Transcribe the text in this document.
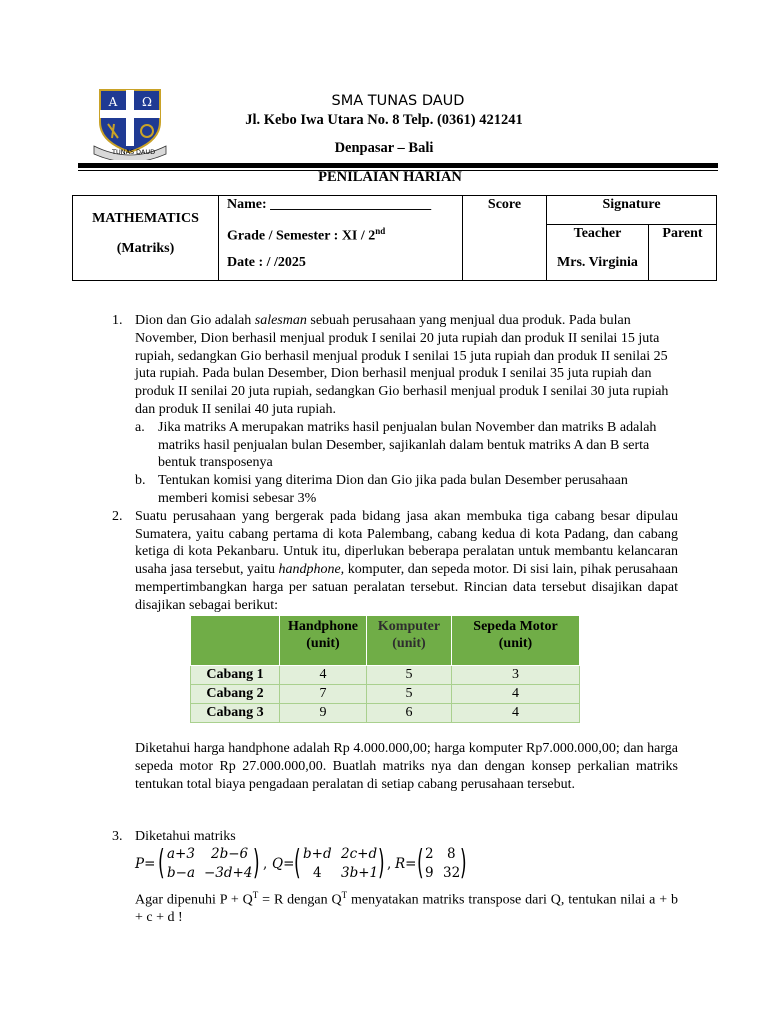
A Ω
TUNAS DAUD
SMA TUNAS DAUD
Jl. Kebo Iwa Utara No. 8 Telp. (0361) 421241
Denpasar – Bali
PENILAIAN HARIAN
MATHEMATICS
(Matriks)
Name: _______________________
Grade / Semester : XI / 2nd
Date : / /2025
Score	Signature
Teacher	Parent
Mrs. Virginia
1. Dion dan Gio adalah salesman sebuah perusahaan yang menjual dua produk. Pada bulan November, Dion berhasil menjual produk I senilai 20 juta rupiah dan produk II senilai 15 juta rupiah, sedangkan Gio berhasil menjual produk I senilai 15 juta rupiah dan produk II senilai 25 juta rupiah. Pada bulan Desember, Dion berhasil menjual produk I senilai 35 juta rupiah dan produk II senilai 20 juta rupiah, sedangkan Gio berhasil menjual produk I senilai 30 juta rupiah dan produk II senilai 40 juta rupiah.
a. Jika matriks A merupakan matriks hasil penjualan bulan November dan matriks B adalah matriks hasil penjualan bulan Desember, sajikanlah dalam bentuk matriks A dan B serta bentuk transposenya
b. Tentukan komisi yang diterima Dion dan Gio jika pada bulan Desember perusahaan memberi komisi sebesar 3%
2. Suatu perusahaan yang bergerak pada bidang jasa akan membuka tiga cabang besar dipulau Sumatera, yaitu cabang pertama di kota Palembang, cabang kedua di kota Padang, dan cabang ketiga di kota Pekanbaru. Untuk itu, diperlukan beberapa peralatan untuk membantu kelancaran usaha jasa tersebut, yaitu handphone, komputer, dan sepeda motor. Di sisi lain, pihak perusahaan mempertimbangkan harga per satuan peralatan tersebut. Rincian data tersebut disajikan dapat disajikan sebagai berikut:
	Handphone (unit)	Komputer (unit)	Sepeda Motor (unit)
Cabang 1	4	5	3
Cabang 2	7	5	4
Cabang 3	9	6	4
Diketahui harga handphone adalah Rp 4.000.000,00; harga komputer Rp7.000.000,00; dan harga sepeda motor Rp 27.000.000,00. Buatlah matriks nya dan dengan konsep perkalian matriks tentukan total biaya pengadaan peralatan di setiap cabang perusahaan tersebut.
3. Diketahui matriks
P= ( a+3 2b−6
b−a −3d+4 ) , Q= ( b+d 2c+d
4 3b+1 ) , R= ( 2 8
9 32 )
Agar dipenuhi $P + Q^T = R$ dengan $Q^T$ menyatakan matriks transpose dari Q, tentukan nilai a + b + c + d !
